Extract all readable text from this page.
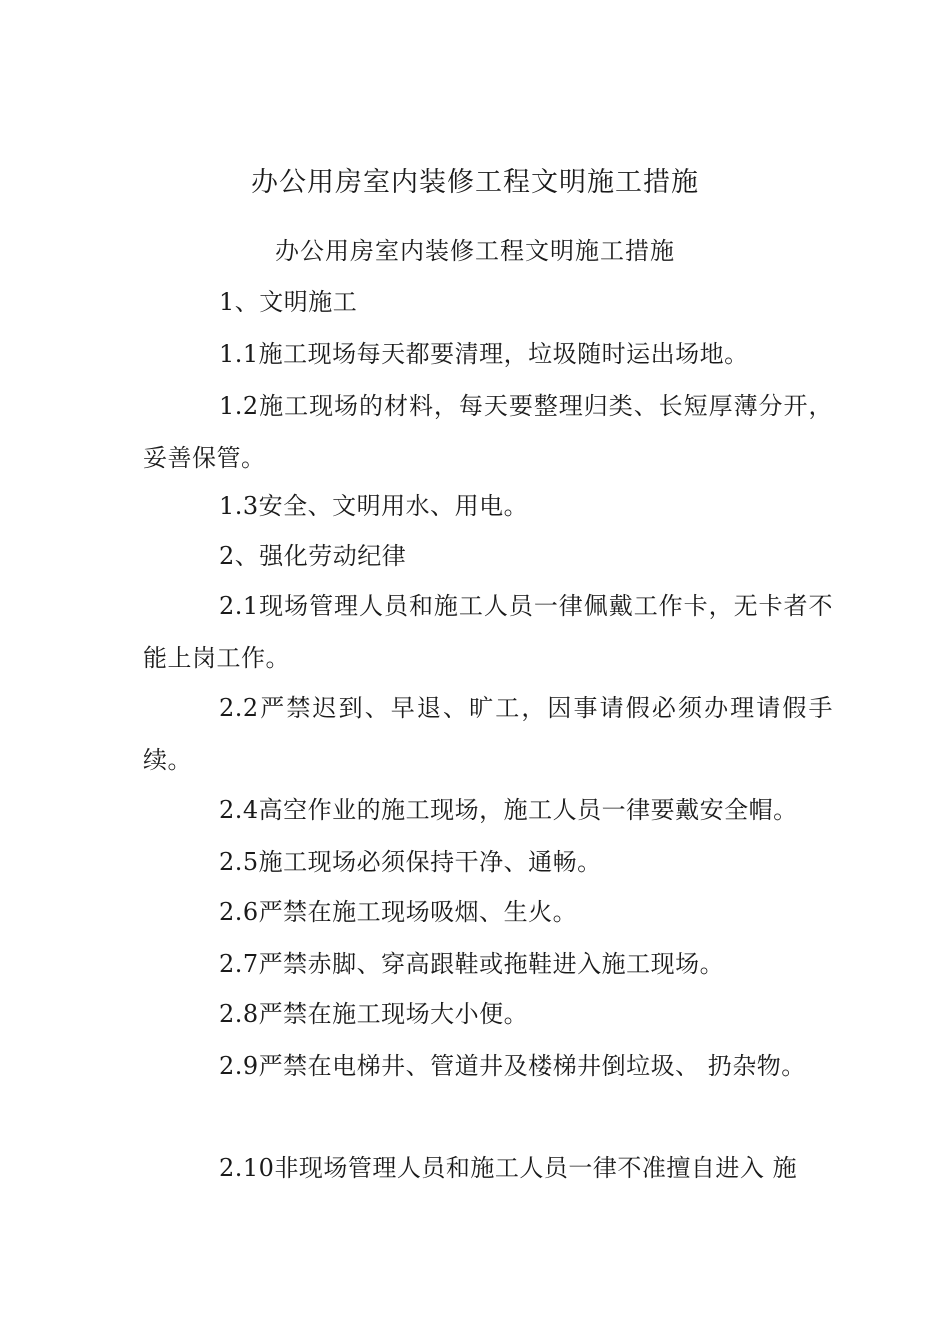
办公用房室内装修工程文明施工措施
办公用房室内装修工程文明施工措施

1、文明施工

1.1施工现场每天都要清理，垃圾随时运出场地。

1.2施工现场的材料，每天要整理归类、长短厚薄分开，妥善保管。

1.3安全、文明用水、用电。

2、强化劳动纪律

2.1现场管理人员和施工人员一律佩戴工作卡，无卡者不能上岗工作。

2.2严禁迟到、早退、旷工，因事请假必须办理请假手续。

2.4高空作业的施工现场，施工人员一律要戴安全帽。

2.5施工现场必须保持干净、通畅。

2.6严禁在施工现场吸烟、生火。

2.7严禁赤脚、穿高跟鞋或拖鞋进入施工现场。

2.8严禁在施工现场大小便。

2.9严禁在电梯井、管道井及楼梯井倒垃圾、 扔杂物。

2.10非现场管理人员和施工人员一律不准擅自进入 施
